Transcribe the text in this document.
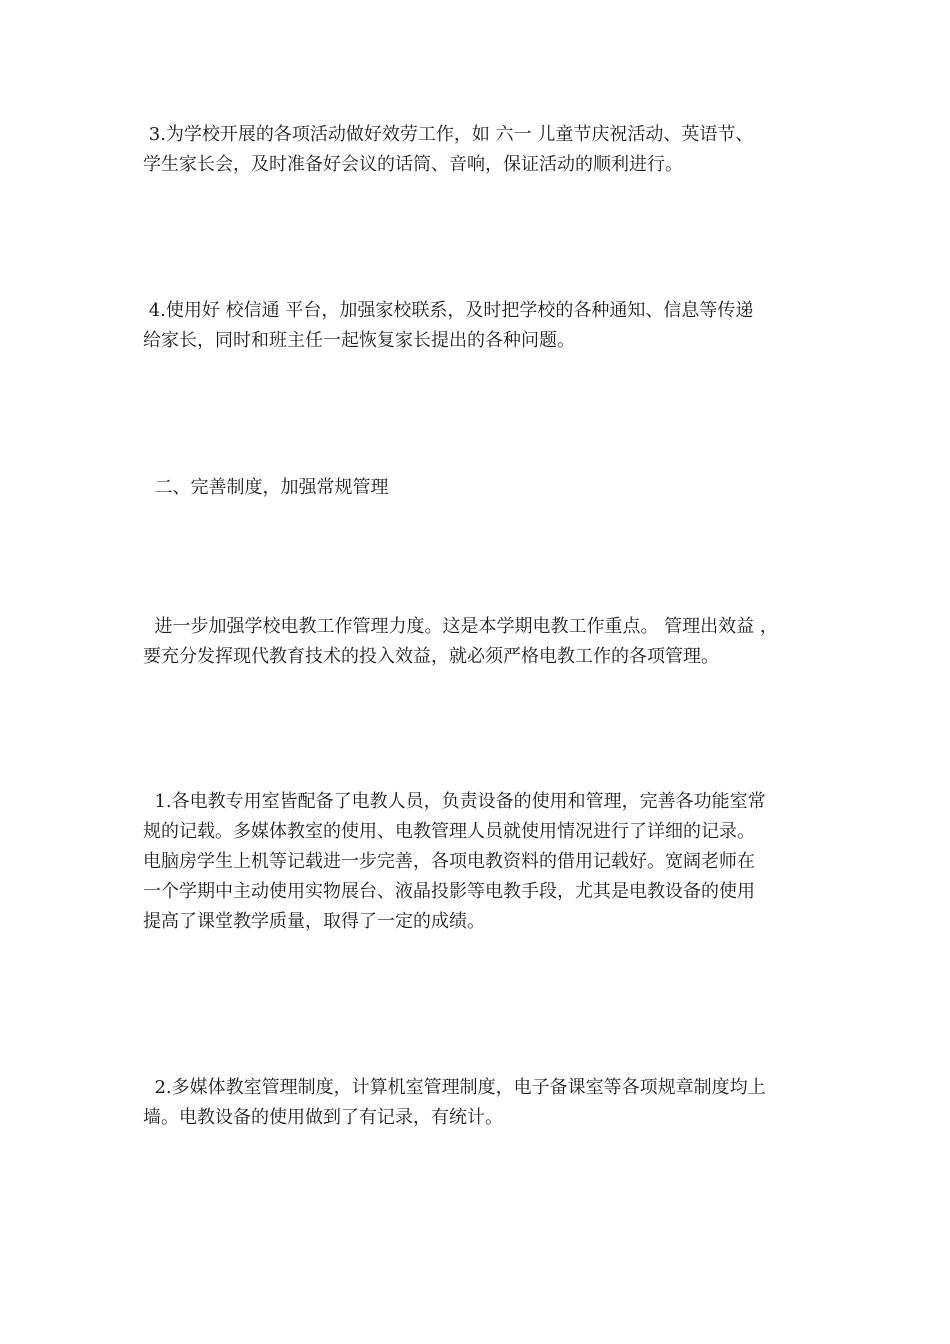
3.为学校开展的各项活动做好效劳工作，如 六一 儿童节庆祝活动、英语节、
学生家长会，及时准备好会议的话筒、音响，保证活动的顺利进行。
4.使用好 校信通 平台，加强家校联系，及时把学校的各种通知、信息等传递
给家长，同时和班主任一起恢复家长提出的各种问题。
二、完善制度，加强常规管理
进一步加强学校电教工作管理力度。这是本学期电教工作重点。 管理出效益 ，
要充分发挥现代教育技术的投入效益，就必须严格电教工作的各项管理。
1.各电教专用室皆配备了电教人员，负责设备的使用和管理，完善各功能室常
规的记载。多媒体教室的使用、电教管理人员就使用情况进行了详细的记录。
电脑房学生上机等记载进一步完善，各项电教资料的借用记载好。宽阔老师在
一个学期中主动使用实物展台、液晶投影等电教手段，尤其是电教设备的使用
提高了课堂教学质量，取得了一定的成绩。
2.多媒体教室管理制度，计算机室管理制度，电子备课室等各项规章制度均上
墙。电教设备的使用做到了有记录，有统计。
